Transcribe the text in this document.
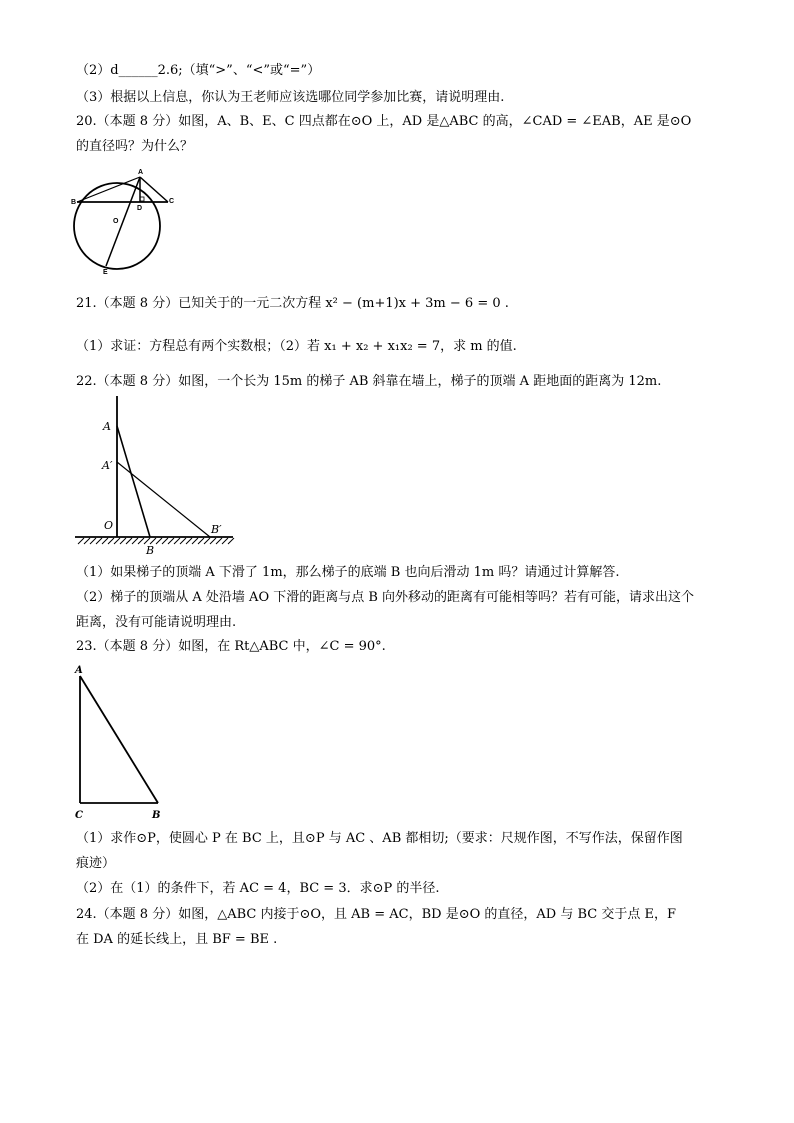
（2）d______2.6;（填“>”、“<”或“=”）
（3）根据以上信息，你认为王老师应该选哪位同学参加比赛，请说明理由.
20.（本题 8 分）如图，A、B、E、C 四点都在⊙O 上，AD 是△ABC 的高，∠CAD = ∠EAB，AE 是⊙O
的直径吗？为什么？
21.（本题 8 分）已知关于的一元二次方程 x² − (m+1)x + 3m − 6 = 0 .
（1）求证：方程总有两个实数根；（2）若 x₁ + x₂ + x₁x₂ = 7，求 m 的值.
22.（本题 8 分）如图，一个长为 15m 的梯子 AB 斜靠在墙上，梯子的顶端 A 距地面的距离为 12m.
（1）如果梯子的顶端 A 下滑了 1m，那么梯子的底端 B 也向后滑动 1m 吗？请通过计算解答.
（2）梯子的顶端从 A 处沿墙 AO 下滑的距离与点 B 向外移动的距离有可能相等吗？若有可能，请求出这个
距离，没有可能请说明理由.
23.（本题 8 分）如图，在 Rt△ABC 中，∠C = 90°.
（1）求作⊙P，使圆心 P 在 BC 上，且⊙P 与 AC 、AB 都相切;（要求：尺规作图，不写作法，保留作图
痕迹）
（2）在（1）的条件下，若 AC = 4，BC = 3．求⊙P 的半径.
24.（本题 8 分）如图，△ABC 内接于⊙O，且 AB = AC，BD 是⊙O 的直径，AD 与 BC 交于点 E，F
在 DA 的延长线上，且 BF = BE .
A
B	C
D
O
E
A
A′
O
B
B′
A
C	B
